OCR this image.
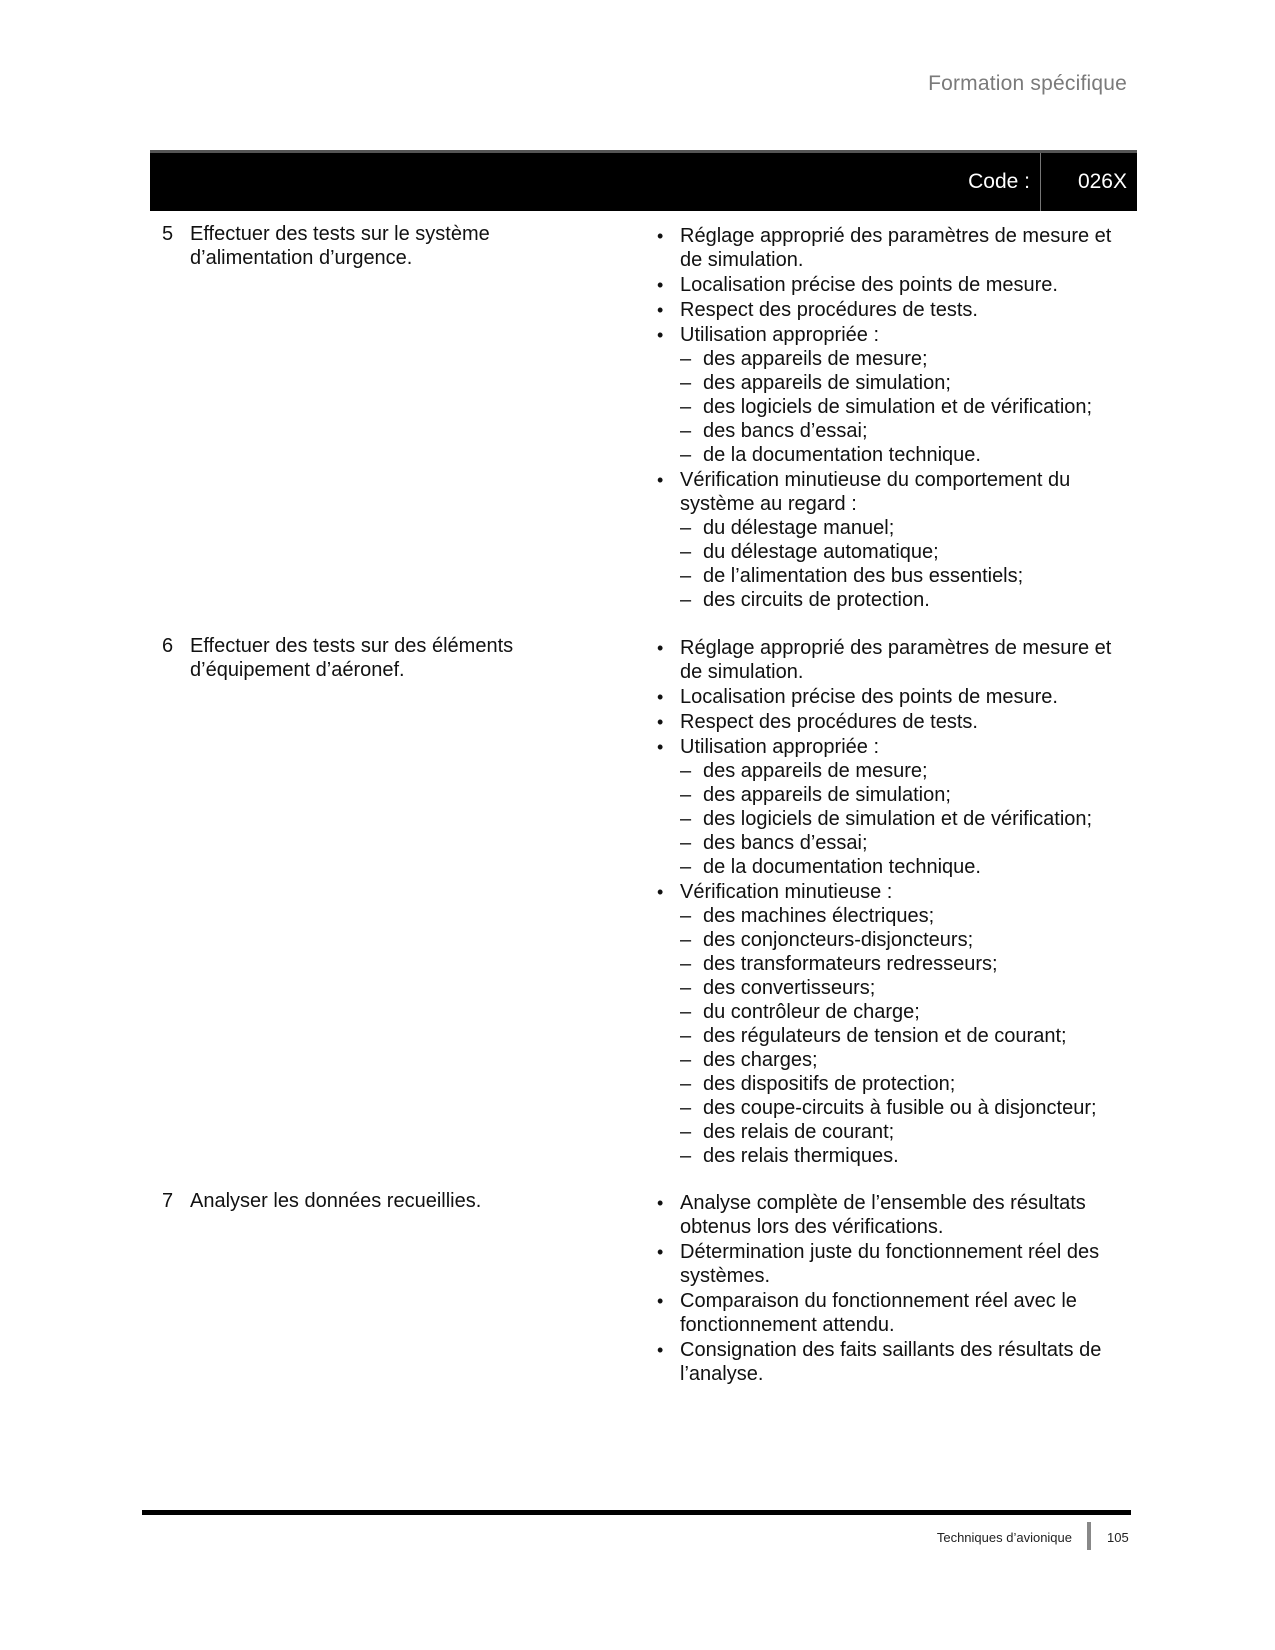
Formation spécifique
Code : 026X
5 Effectuer des tests sur le système d’alimentation d’urgence.
• Réglage approprié des paramètres de mesure et de simulation.
• Localisation précise des points de mesure.
• Respect des procédures de tests.
• Utilisation appropriée :
– des appareils de mesure;
– des appareils de simulation;
– des logiciels de simulation et de vérification;
– des bancs d’essai;
– de la documentation technique.
• Vérification minutieuse du comportement du système au regard :
– du délestage manuel;
– du délestage automatique;
– de l’alimentation des bus essentiels;
– des circuits de protection.
6 Effectuer des tests sur des éléments d’équipement d’aéronef.
• Réglage approprié des paramètres de mesure et de simulation.
• Localisation précise des points de mesure.
• Respect des procédures de tests.
• Utilisation appropriée :
– des appareils de mesure;
– des appareils de simulation;
– des logiciels de simulation et de vérification;
– des bancs d’essai;
– de la documentation technique.
• Vérification minutieuse :
– des machines électriques;
– des conjoncteurs-disjoncteurs;
– des transformateurs redresseurs;
– des convertisseurs;
– du contrôleur de charge;
– des régulateurs de tension et de courant;
– des charges;
– des dispositifs de protection;
– des coupe-circuits à fusible ou à disjoncteur;
– des relais de courant;
– des relais thermiques.
7 Analyser les données recueillies.	• Analyse complète de l’ensemble des résultats obtenus lors des vérifications.
• Détermination juste du fonctionnement réel des systèmes.
• Comparaison du fonctionnement réel avec le fonctionnement attendu.
• Consignation des faits saillants des résultats de l’analyse.
Techniques d’avionique	105
